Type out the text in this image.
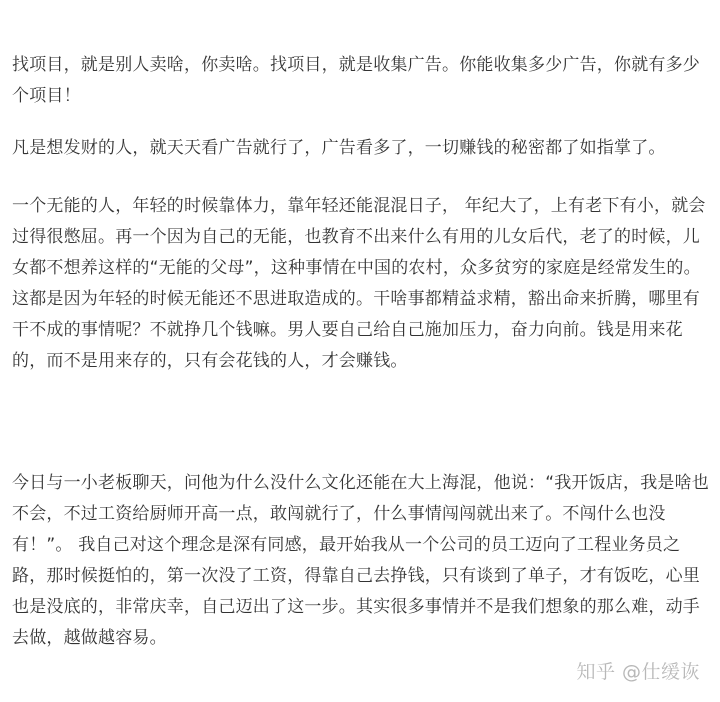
找项目，就是别人卖啥，你卖啥。找项目，就是收集广告。你能收集多少广告，你就有多少个项目！

凡是想发财的人，就天天看广告就行了，广告看多了，一切赚钱的秘密都了如指掌了。

一个无能的人，年轻的时候靠体力，靠年轻还能混混日子， 年纪大了，上有老下有小，就会过得很憋屈。再一个因为自己的无能，也教育不出来什么有用的儿女后代，老了的时候，儿女都不想养这样的“无能的父母”，这种事情在中国的农村，众多贫穷的家庭是经常发生的。 这都是因为年轻的时候无能还不思进取造成的。干啥事都精益求精，豁出命来折腾，哪里有干不成的事情呢？不就挣几个钱嘛。男人要自己给自己施加压力，奋力向前。钱是用来花的，而不是用来存的，只有会花钱的人，才会赚钱。

今日与一小老板聊天，问他为什么没什么文化还能在大上海混，他说：“我开饭店，我是啥也不会，不过工资给厨师开高一点，敢闯就行了，什么事情闯闯就出来了。不闯什么也没有！”。 我自己对这个理念是深有同感，最开始我从一个公司的员工迈向了工程业务员之路，那时候挺怕的，第一次没了工资，得靠自己去挣钱，只有谈到了单子，才有饭吃，心里也是没底的，非常庆幸，自己迈出了这一步。其实很多事情并不是我们想象的那么难，动手去做，越做越容易。

知乎 @仕缓诙
